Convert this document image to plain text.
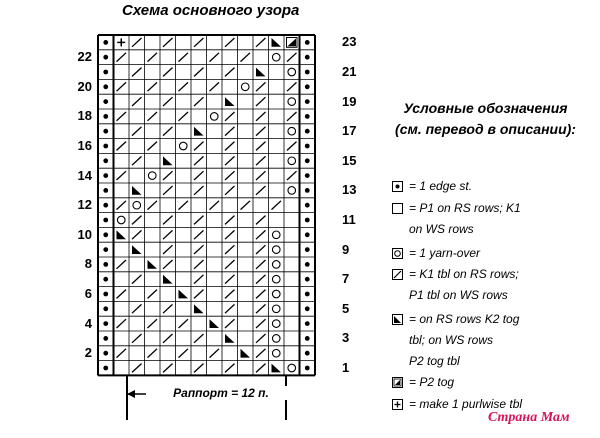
Схема основного узора
22
20
18
16
14
12
10
8
6
4
2
23
21
19
17
15
13
11
9
7
5
3
1
Раппорт = 12 п.
Условные обозначения
(см. перевод в описании):
= 1 edge st.
= P1 on RS rows; K1
on WS rows
= 1 yarn-over
= K1 tbl on RS rows;
P1 tbl on WS rows
= on RS rows K2 tog
tbl; on WS rows
P2 tog tbl
= P2 tog
= make 1 purlwise tbl
Страна Мам
